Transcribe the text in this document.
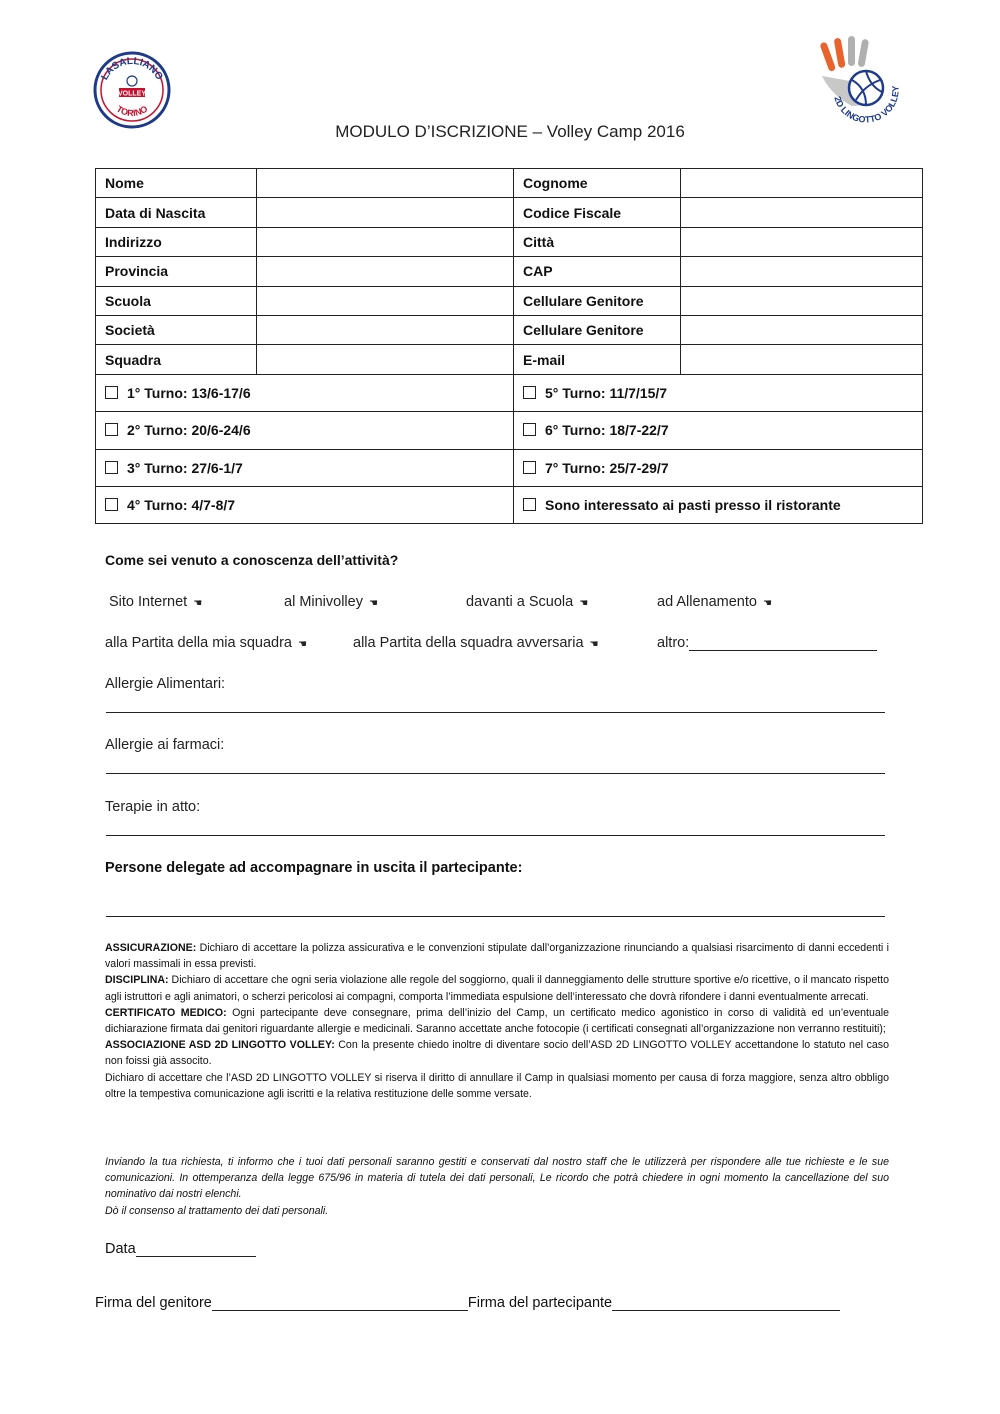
LASALLIANO
VOLLEY
TORINO
2D LINGOTTO VOLLEY
MODULO D’ISCRIZIONE – Volley Camp 2016
Nome		Cognome	
Data di Nascita		Codice Fiscale	
Indirizzo		Città	
Provincia		CAP	
Scuola		Cellulare Genitore	
Società		Cellulare Genitore	
Squadra		E-mail	
1° Turno: 13/6-17/6		5° Turno: 11/7/15/7	
2° Turno: 20/6-24/6		6° Turno: 18/7-22/7	
3° Turno: 27/6-1/7		7° Turno: 25/7-29/7	
4° Turno: 4/7-8/7		Sono interessato ai pasti presso il ristorante	
Come sei venuto a conoscenza dell’attività?
Sito Internet ☚	al Minivolley ☚	davanti a Scuola ☚	ad Allenamento ☚
alla Partita della mia squadra ☚	alla Partita della squadra avversaria ☚	altro:
Allergie Alimentari:
Allergie ai farmaci:
Terapie in atto:
Persone delegate ad accompagnare in uscita il partecipante:

ASSICURAZIONE: Dichiaro di accettare la polizza assicurativa e le convenzioni stipulate dall’organizzazione rinunciando a qualsiasi risarcimento di danni eccedenti i valori massimali in essa previsti.

DISCIPLINA: Dichiaro di accettare che ogni seria violazione alle regole del soggiorno, quali il danneggiamento delle strutture sportive e/o ricettive, o il mancato rispetto agli istruttori e agli animatori, o scherzi pericolosi ai compagni, comporta l’immediata espulsione dell’interessato che dovrà rifondere i danni eventualmente arrecati.

CERTIFICATO MEDICO: Ogni partecipante deve consegnare, prima dell’inizio del Camp, un certificato medico agonistico in corso di validità ed un’eventuale dichiarazione firmata dai genitori riguardante allergie e medicinali. Saranno accettate anche fotocopie (i certificati consegnati all’organizzazione non verranno restituiti);

ASSOCIAZIONE ASD 2D LINGOTTO VOLLEY: Con la presente chiedo inoltre di diventare socio dell’ASD 2D LINGOTTO VOLLEY accettandone lo statuto nel caso non foissi già associto.

Dichiaro di accettare che l’ASD 2D LINGOTTO VOLLEY si riserva il diritto di annullare il Camp in qualsiasi momento per causa di forza maggiore, senza altro obbligo oltre la tempestiva comunicazione agli iscritti e la relativa restituzione delle somme versate.

Inviando la tua richiesta, ti informo che i tuoi dati personali saranno gestiti e conservati dal nostro staff che le utilizzerà per rispondere alle tue richieste e le sue comunicazioni. In ottemperanza della legge 675/96 in materia di tutela dei dati personali, Le ricordo che potrà chiedere in ogni momento la cancellazione del suo nominativo dai nostri elenchi.

Dò il consenso al trattamento dei dati personali.

Data
Firma del genitore	Firma del partecipante
